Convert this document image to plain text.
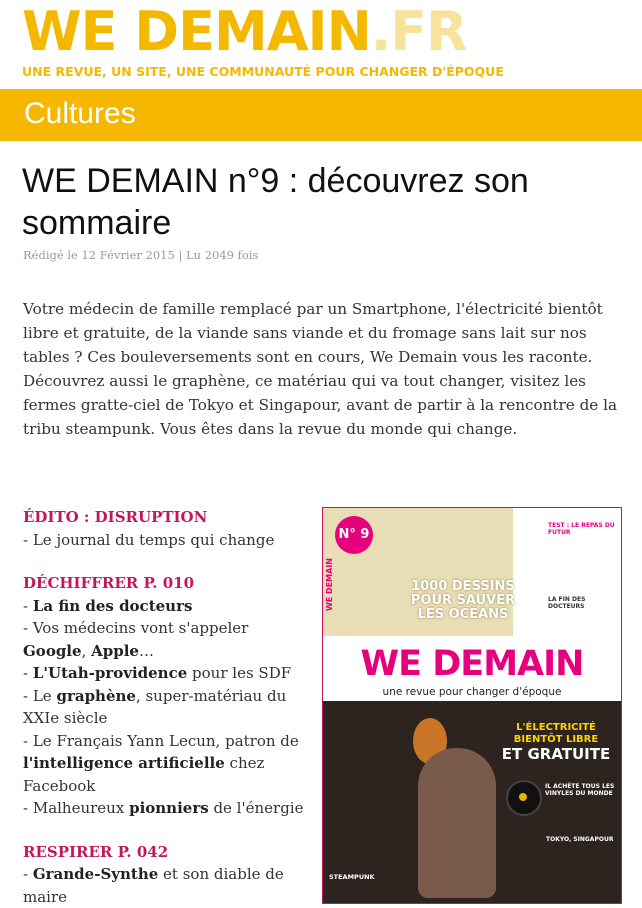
WE DEMAIN.FR
UNE REVUE, UN SITE, UNE COMMUNAUTÉ POUR CHANGER D'ÉPOQUE
Cultures
WE DEMAIN n°9 : découvrez son sommaire
Rédigé le 12 Février 2015 | Lu 2049 fois

Votre médecin de famille remplacé par un Smartphone, l'électricité bientôt libre et gratuite, de la viande sans viande et du fromage sans lait sur nos tables ? Ces bouleversements sont en cours, We Demain vous les raconte. Découvrez aussi le graphène, ce matériau qui va tout changer, visitez les fermes gratte-ciel de Tokyo et Singapour, avant de partir à la rencontre de la tribu steampunk. Vous êtes dans la revue du monde qui change.

ÉDITO : DISRUPTION
- Le journal du temps qui change
DÉCHIFFRER P. 010
- La fin des docteurs
- Vos médecins vont s'appeler Google, Apple…
- L'Utah-providence pour les SDF
- Le graphène, super-matériau du XXIe siècle
- Le Français Yann Lecun, patron de l'intelligence artificielle chez Facebook
- Malheureux pionniers de l'énergie
RESPIRER P. 042
- Grande-Synthe et son diable de maire
N° 9
WE DEMAIN	1000 DESSINS POUR SAUVER LES OCÉANS
TEST : LE REPAS DU FUTUR
LA FIN DES DOCTEURS
WE DEMAIN
une revue pour changer d'époque
L'ÉLECTRICITÉ BIENTÔT LIBRE
ET GRATUITE
IL ACHÈTE TOUS LES VINYLES DU MONDE
STEAMPUNK
TOKYO, SINGAPOUR
